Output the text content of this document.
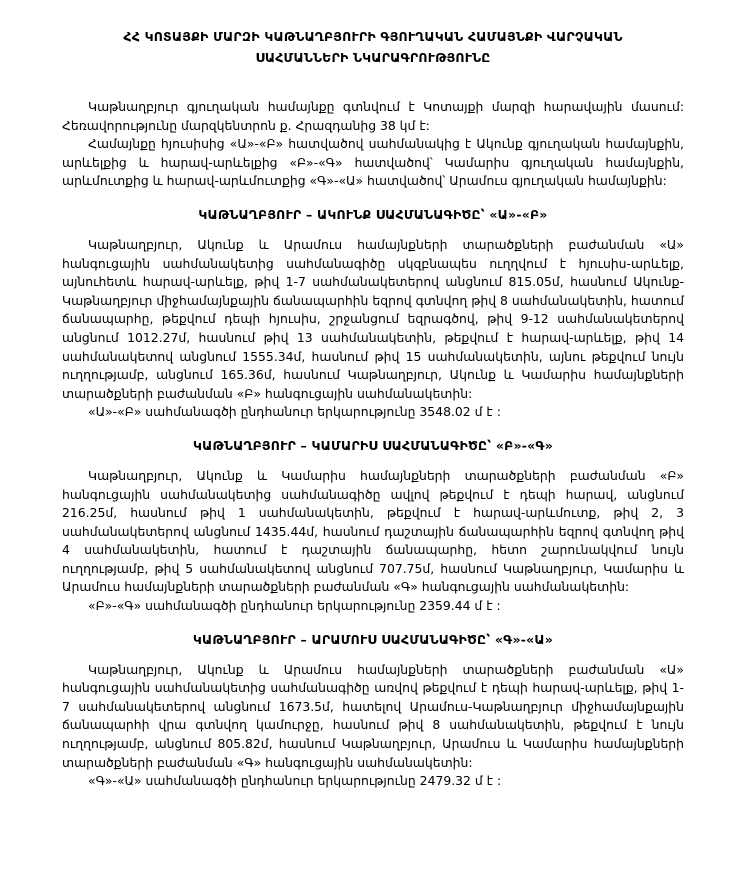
ՀՀ ԿՈՏԱՅՔԻ ՄԱՐԶԻ ԿԱԹՆԱՂԲՅՈՒՐԻ ԳՅՈՒՂԱԿԱՆ ՀԱՄԱՅՆՔԻ ՎԱՐՉԱԿԱՆ
ՍԱՀՄԱՆՆԵՐԻ ՆԿԱՐԱԳՐՈՒԹՅՈՒՆԸ

Կաթնաղբյուր գյուղական համայնքը գտնվում է Կոտայքի մարզի հարավային մասում: Հեռավորությունը մարզկենտրոն ք. Հրազդանից 38 կմ է:

Համայնքը հյուսիսից «Ա»-«Բ» հատվածով սահմանակից է Ակունք գյուղական համայնքին, արևելքից և հարավ-արևելքից «Բ»-«Գ» հատվածով՝ Կամարիս գյուղական համայնքին, արևմուտքից և հարավ-արևմուտքից «Գ»-«Ա» հատվածով՝ Արամուս գյուղական համայնքին:

ԿԱԹՆԱՂԲՅՈՒՐ – ԱԿՈՒՆՔ ՍԱՀՄԱՆԱԳԻԾԸ՝ «Ա»-«Բ»

Կաթնաղբյուր, Ակունք և Արամուս համայնքների տարածքների բաժանման «Ա» հանգուցային սահմանակետից սահմանագիծը սկզբնապես ուղղվում է հյուսիս-արևելք, այնուհետև հարավ-արևելք, թիվ 1-7 սահմանակետերով անցնում 815.05մ, հասնում Ակունք-Կաթնաղբյուր միջհամայնքային ճանապարհին եզրով գտնվող թիվ 8 սահմանակետին, հատում ճանապարհը, թեքվում դեպի հյուսիս, շրջանցում եզրագծով, թիվ 9-12 սահմանակետերով անցնում 1012.27մ, հասնում թիվ 13 սահմանակետին, թեքվում է հարավ-արևելք, թիվ 14 սահմանակետով անցնում 1555.34մ, հասնում թիվ 15 սահմանակետին, այնու թեքվում նույն ուղղությամբ, անցնում 165.36մ, հասնում Կաթնաղբյուր, Ակունք և Կամարիս համայնքների տարածքների բաժանման «Բ» հանգուցային սահմանակետին:

«Ա»-«Բ» սահմանագծի ընդհանուր երկարությունը 3548.02 մ է :

ԿԱԹՆԱՂԲՅՈՒՐ – ԿԱՄԱՐԻՍ ՍԱՀՄԱՆԱԳԻԾԸ՝ «Բ»-«Գ»

Կաթնաղբյուր, Ակունք և Կամարիս համայնքների տարածքների բաժանման «Բ» հանգուցային սահմանակետից սահմանագիծը ավլով թեքվում է դեպի հարավ, անցնում 216.25մ, հասնում թիվ 1 սահմանակետին, թեքվում է հարավ-արևմուտք, թիվ 2, 3 սահմանակետերով անցնում 1435.44մ, հասնում դաշտային ճանապարհին եզրով գտնվող թիվ 4 սահմանակետին, հատում է դաշտային ճանապարհը, հետո շարունակվում նույն ուղղությամբ, թիվ 5 սահմանակետով անցնում 707.75մ, հասնում Կաթնաղբյուր, Կամարիս և Արամուս համայնքների տարածքների բաժանման «Գ» հանգուցային սահմանակետին:

«Բ»-«Գ» սահմանագծի ընդհանուր երկարությունը 2359.44 մ է :

ԿԱԹՆԱՂԲՅՈՒՐ – ԱՐԱՄՈՒՍ ՍԱՀՄԱՆԱԳԻԾԸ՝ «Գ»-«Ա»

Կաթնաղբյուր, Ակունք և Արամուս համայնքների տարածքների բաժանման «Ա» հանգուցային սահմանակետից սահմանագիծը առվով թեքվում է դեպի հարավ-արևելք, թիվ 1-7 սահմանակետերով անցնում 1673.5մ, հատելով Արամուս-Կաթնաղբյուր միջհամայնքային ճանապարհի վրա գտնվող կամուրջը, հասնում թիվ 8 սահմանակետին, թեքվում է նույն ուղղությամբ, անցնում 805.82մ, հասնում Կաթնաղբյուր, Արամուս և Կամարիս համայնքների տարածքների բաժանման «Գ» հանգուցային սահմանակետին:

«Գ»-«Ա» սահմանագծի ընդհանուր երկարությունը 2479.32 մ է :
